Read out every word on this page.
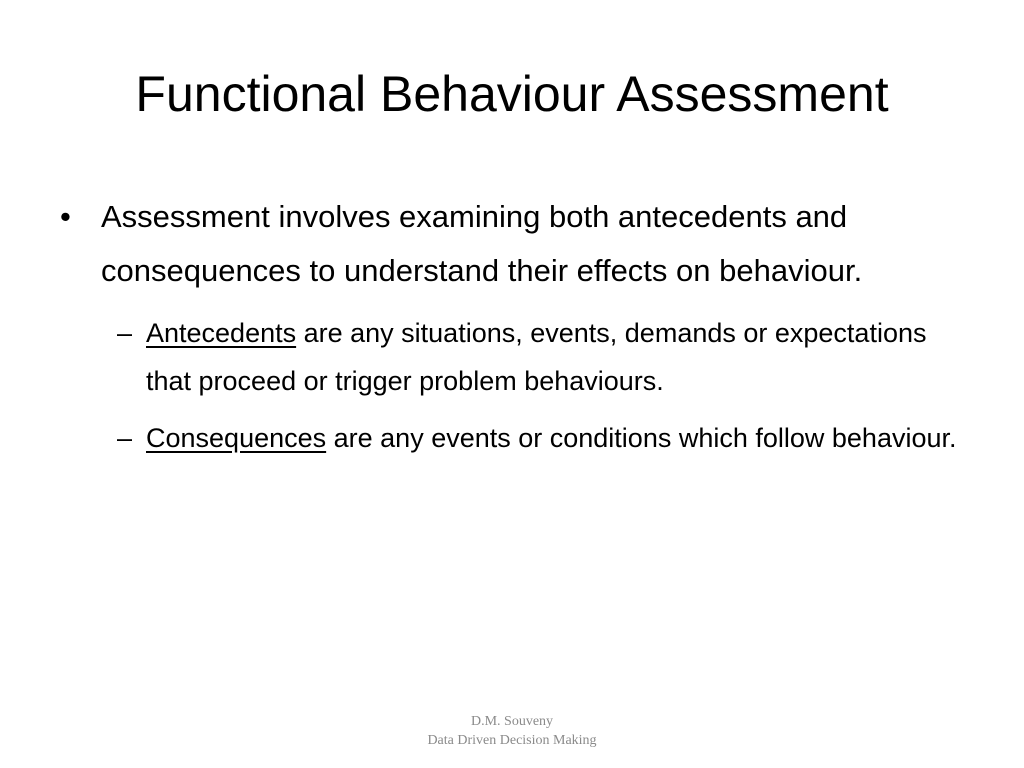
Functional Behaviour Assessment

• Assessment involves examining both antecedents and consequences to understand their effects on behaviour.

– Antecedents are any situations, events, demands or expectations that proceed or trigger problem behaviours.

– Consequences are any events or conditions which follow behaviour.

D.M. Souveny
Data Driven Decision Making
